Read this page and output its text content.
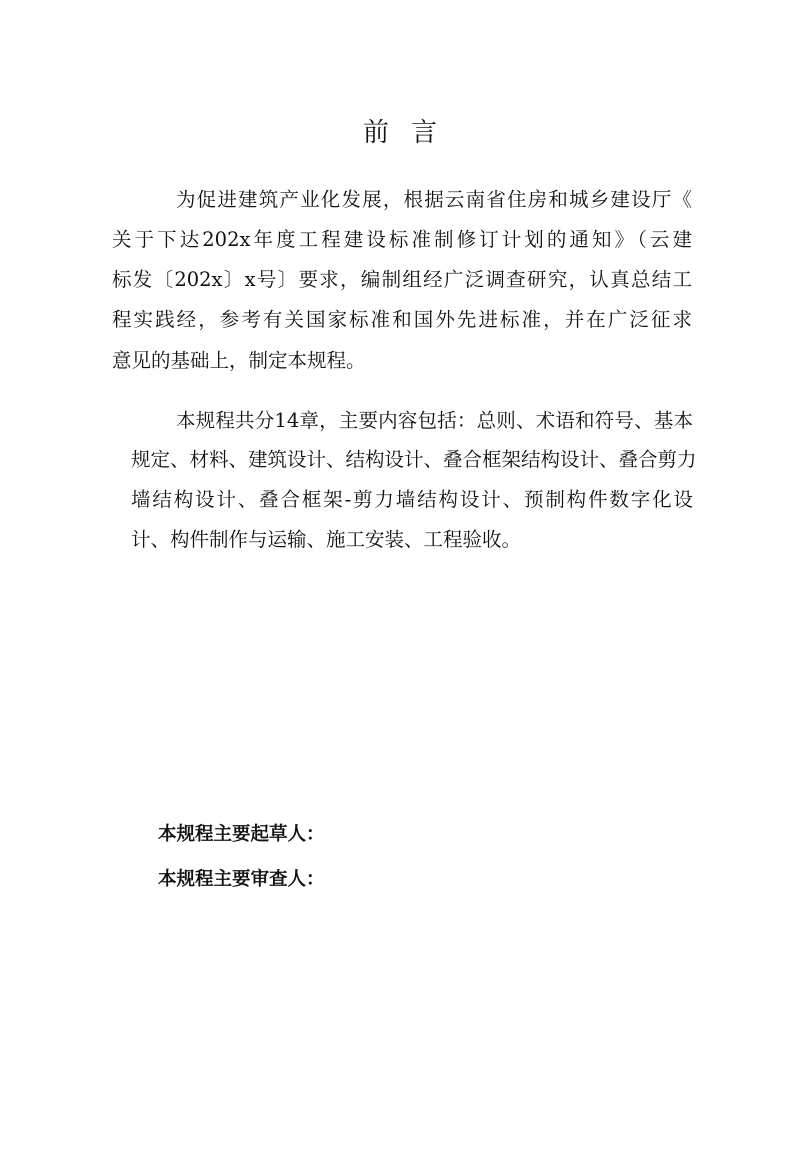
前言
为促进建筑产业化发展，根据云南省住房和城乡建设厅《
关于下达202x年度工程建设标准制修订计划的通知》（云建
标发〔202x〕x号〕要求，编制组经广泛调查研究，认真总结工
程实践经，参考有关国家标准和国外先进标准，并在广泛征求
意见的基础上，制定本规程。
本规程共分14章，主要内容包括：总则、术语和符号、基本
规定、材料、建筑设计、结构设计、叠合框架结构设计、叠合剪力
墙结构设计、叠合框架-剪力墙结构设计、预制构件数字化设
计、构件制作与运输、施工安装、工程验收。
本规程主要起草人：
本规程主要审查人：
